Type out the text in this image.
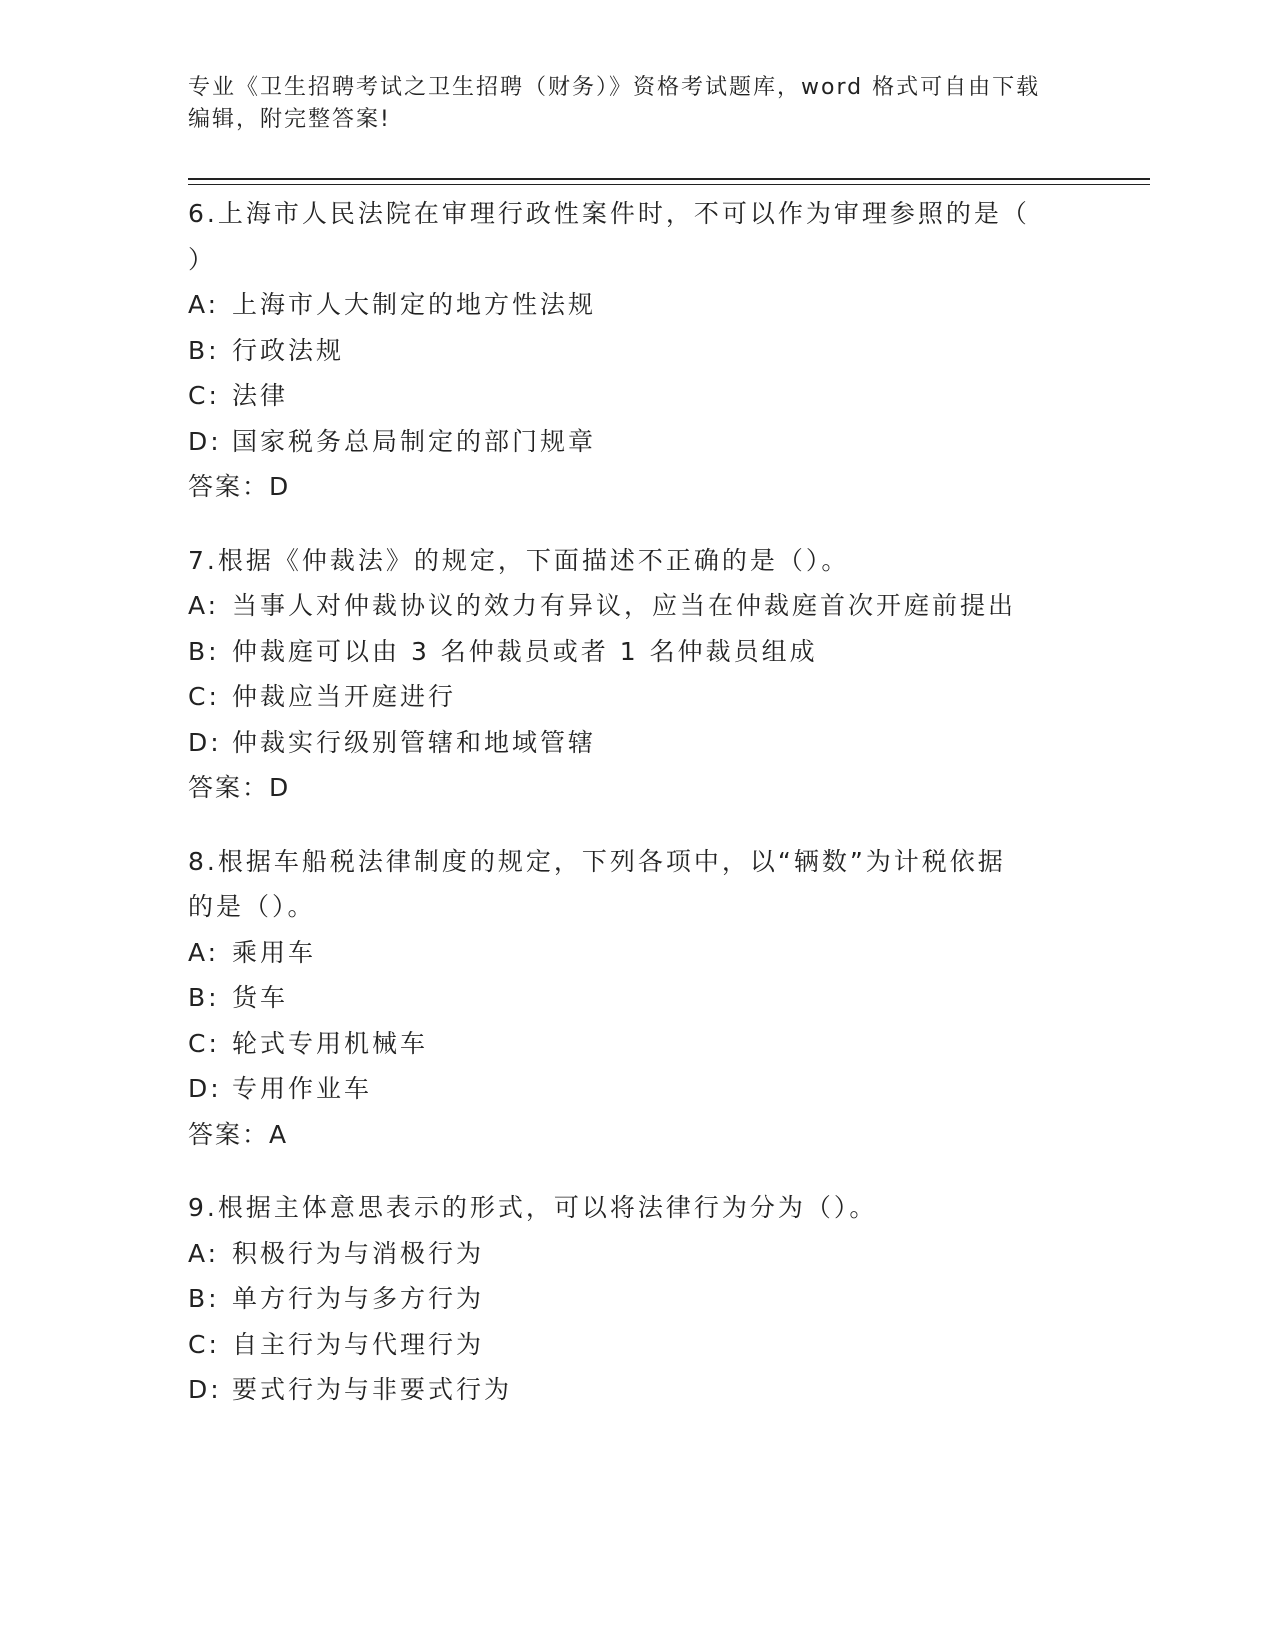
专业《卫生招聘考试之卫生招聘（财务）》资格考试题库，word 格式可自由下载
编辑，附完整答案!
6.上海市人民法院在审理行政性案件时，不可以作为审理参照的是（
）
A: 上海市人大制定的地方性法规
B: 行政法规
C: 法律
D: 国家税务总局制定的部门规章
答案：D
7.根据《仲裁法》的规定，下面描述不正确的是（）。
A: 当事人对仲裁协议的效力有异议，应当在仲裁庭首次开庭前提出
B: 仲裁庭可以由 3 名仲裁员或者 1 名仲裁员组成
C: 仲裁应当开庭进行
D: 仲裁实行级别管辖和地域管辖
答案：D
8.根据车船税法律制度的规定，下列各项中，以“辆数”为计税依据
的是（）。
A: 乘用车
B: 货车
C: 轮式专用机械车
D: 专用作业车
答案：A
9.根据主体意思表示的形式，可以将法律行为分为（）。
A: 积极行为与消极行为
B: 单方行为与多方行为
C: 自主行为与代理行为
D: 要式行为与非要式行为
